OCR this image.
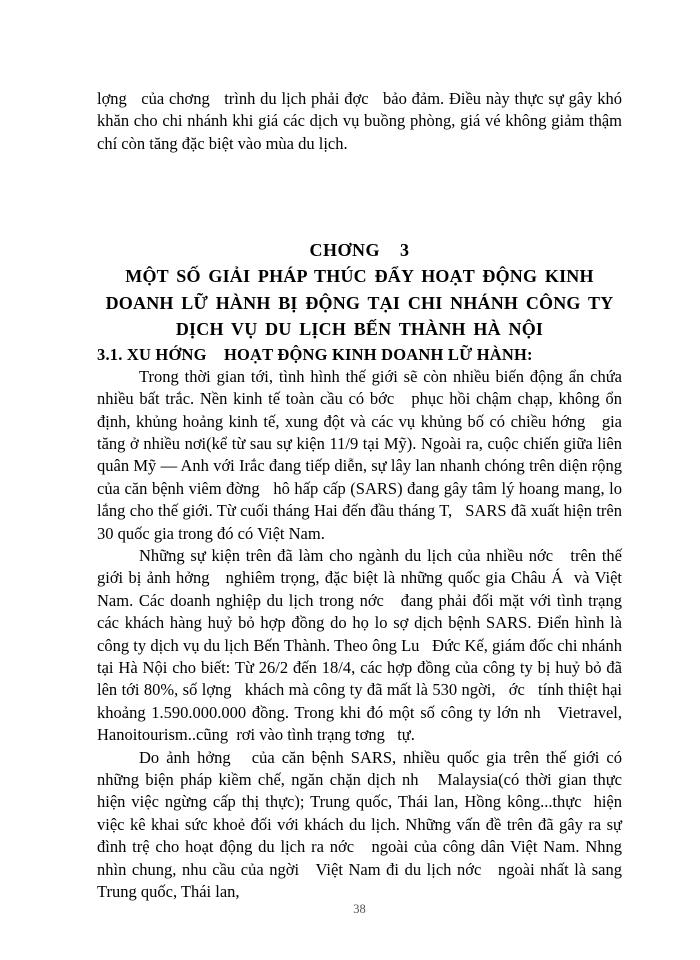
lợng   của chơng   trình du lịch phải đợc   bảo đảm. Điều này thực sự gây khó khăn cho chi nhánh khi giá các dịch vụ buồng phòng, giá vé không giảm thậm chí còn tăng đặc biệt vào mùa du lịch.

CHƠNG    3
MỘT SỐ GIẢI PHÁP THÚC ĐẨY HOẠT ĐỘNG KINH
DOANH LỮ HÀNH BỊ ĐỘNG TẠI CHI NHÁNH CÔNG TY
DỊCH VỤ DU LỊCH BẾN THÀNH HÀ NỘI
3.1. XU HỚNG    HOẠT ĐỘNG KINH DOANH LỮ HÀNH:

Trong thời gian tới, tình hình thế giới sẽ còn nhiều biến động ẩn chứa nhiều bất trắc. Nền kinh tế toàn cầu có bớc   phục hồi chậm chạp, không ổn định, khủng hoảng kinh tế, xung đột và các vụ khủng bố có chiều hớng   gia tăng ở nhiều nơi(kể từ sau sự kiện 11/9 tại Mỹ). Ngoài ra, cuộc chiến giữa liên quân Mỹ — Anh với Irắc đang tiếp diễn, sự lây lan nhanh chóng trên diện rộng của căn bệnh viêm đờng   hô hấp cấp (SARS) đang gây tâm lý hoang mang, lo lắng cho thế giới. Từ cuối tháng Hai đến đầu tháng T,   SARS đã xuất hiện trên 30 quốc gia trong đó có Việt Nam.

Những sự kiện trên đã làm cho ngành du lịch của nhiều nớc   trên thế giới bị ảnh hởng   nghiêm trọng, đặc biệt là những quốc gia Châu Á  và Việt Nam. Các doanh nghiệp du lịch trong nớc   đang phải đối mặt với tình trạng các khách hàng huỷ bỏ hợp đồng do họ lo sợ dịch bệnh SARS. Điển hình là công ty dịch vụ du lịch Bến Thành. Theo ông Lu   Đức Kế, giám đốc chi nhánh tại Hà Nội cho biết: Từ 26/2 đến 18/4, các hợp đồng của công ty bị huỷ bỏ đã lên tới 80%, số lợng   khách mà công ty đã mất là 530 ngời,   ớc   tính thiệt hại khoảng 1.590.000.000 đồng. Trong khi đó một số công ty lớn nh   Vietravel, Hanoitourism..cũng  rơi vào tình trạng tơng   tự.

Do ảnh hởng   của căn bệnh SARS, nhiều quốc gia trên thế giới có những biện pháp kiềm chế, ngăn chặn dịch nh   Malaysia(có thời gian thực hiện việc ngừng cấp thị thực); Trung quốc, Thái lan, Hồng kông...thực  hiện việc kê khai sức khoẻ đối với khách du lịch. Những vấn đề trên đã gây ra sự đình trệ cho hoạt động du lịch ra nớc   ngoài của công dân Việt Nam. Nhng   nhìn chung, nhu cầu của ngời   Việt Nam đi du lịch nớc   ngoài nhất là sang Trung quốc, Thái lan,

38
